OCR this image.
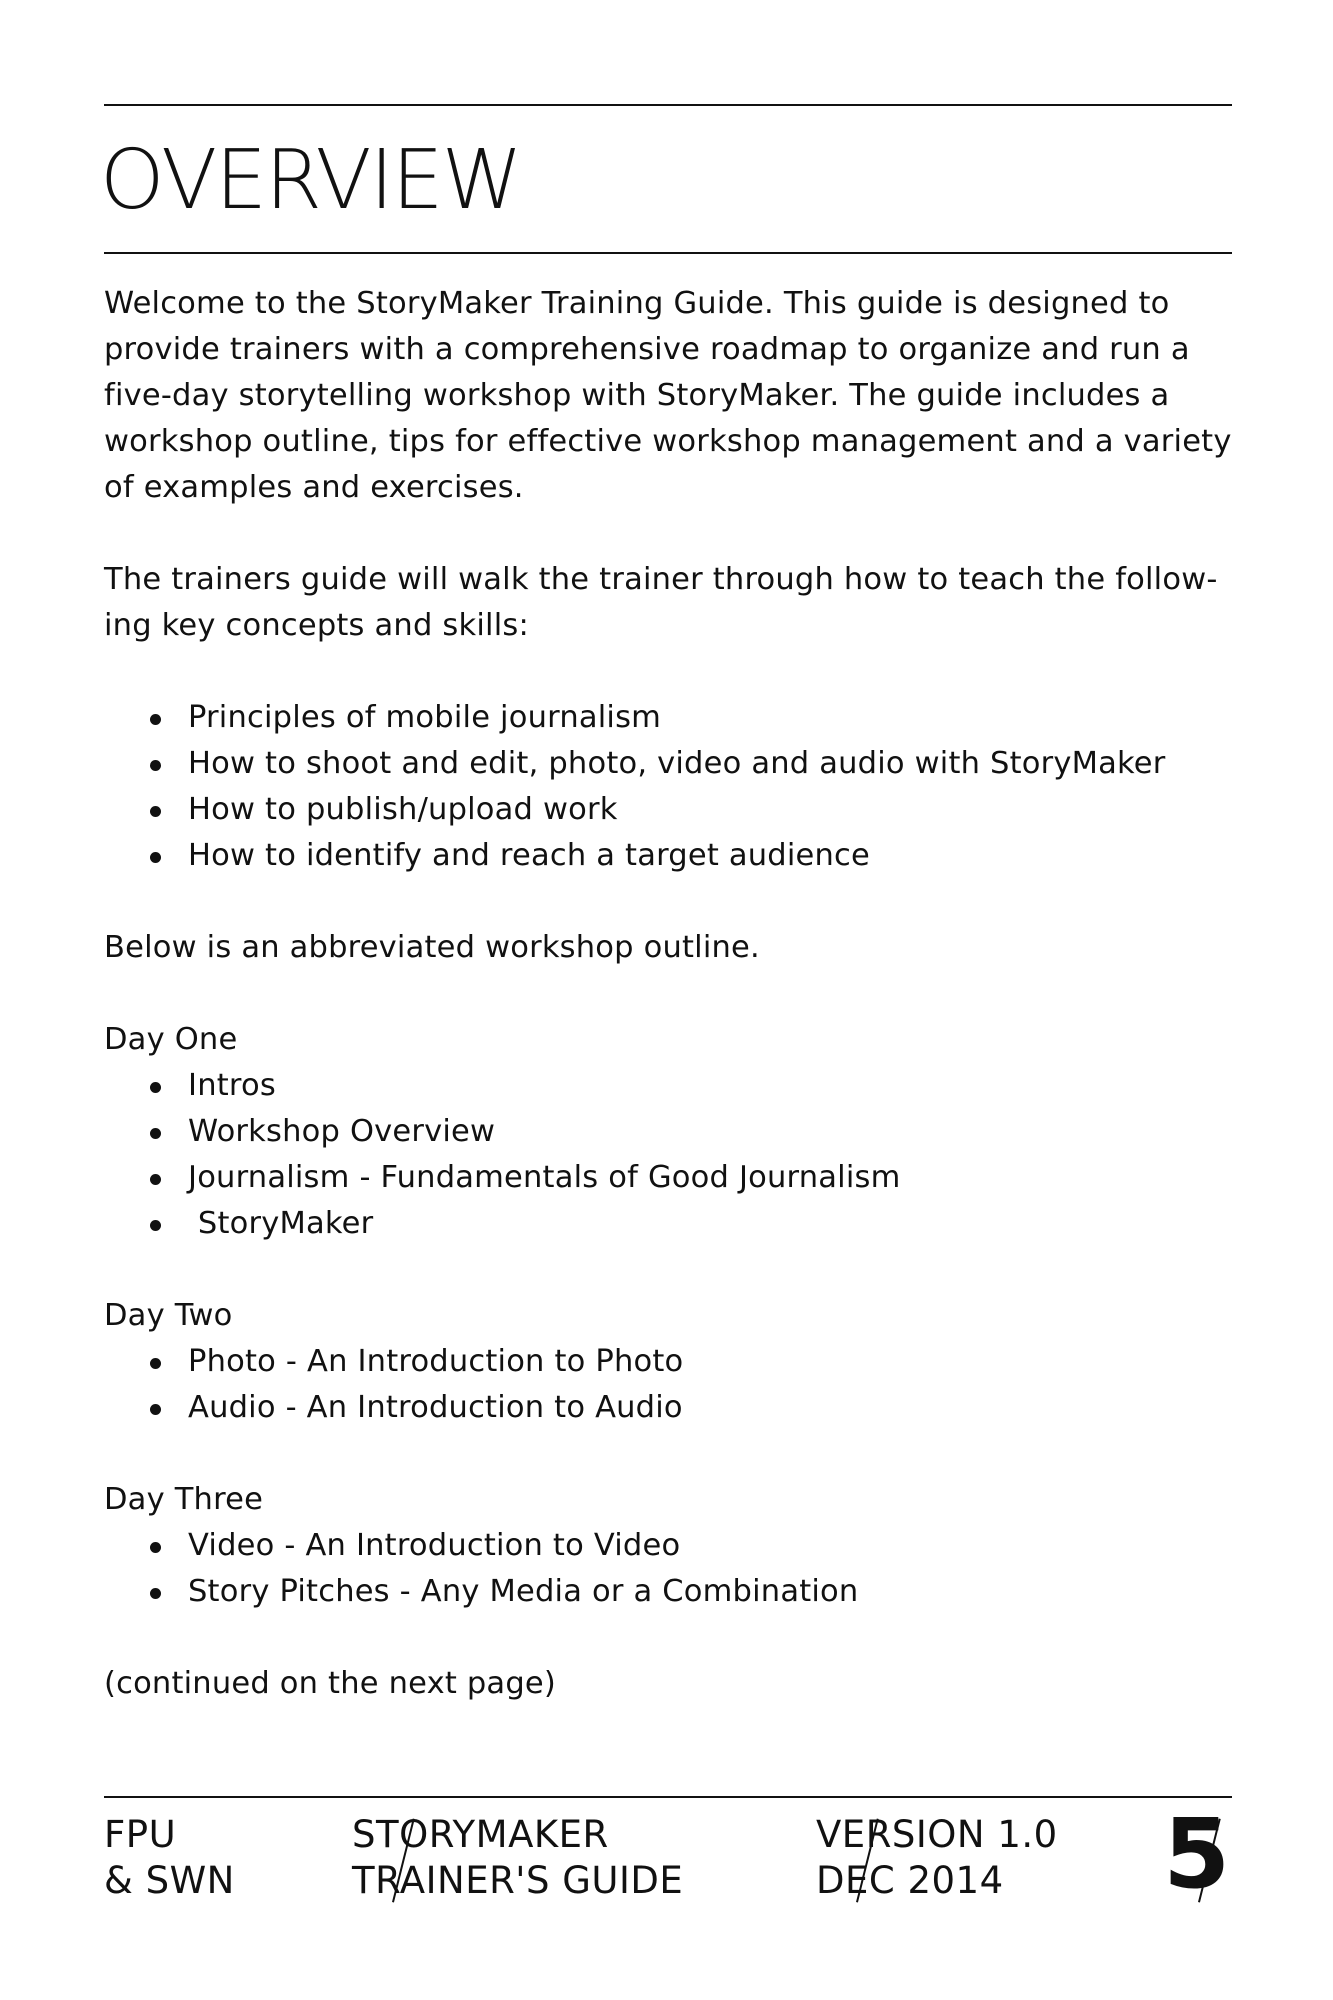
OVERVIEW

Welcome to the StoryMaker Training Guide. This guide is designed to provide trainers with a comprehensive roadmap to organize and run a five-day storytelling workshop with StoryMaker. The guide includes a workshop outline, tips for effective workshop management and a variety of examples and exercises.

The trainers guide will walk the trainer through how to teach the follow-ing key concepts and skills:

Principles of mobile journalism
How to shoot and edit, photo, video and audio with StoryMaker
How to publish/upload work
How to identify and reach a target audience

Below is an abbreviated workshop outline.

Day One
Intros
Workshop Overview
Journalism - Fundamentals of Good Journalism
StoryMaker
Day Two
Photo - An Introduction to Photo
Audio - An Introduction to Audio
Day Three
Video - An Introduction to Video
Story Pitches - Any Media or a Combination

(continued on the next page)

FPU
& SWN
STORYMAKER
TRAINER'S GUIDE
VERSION 1.0
DEC 2014	5
